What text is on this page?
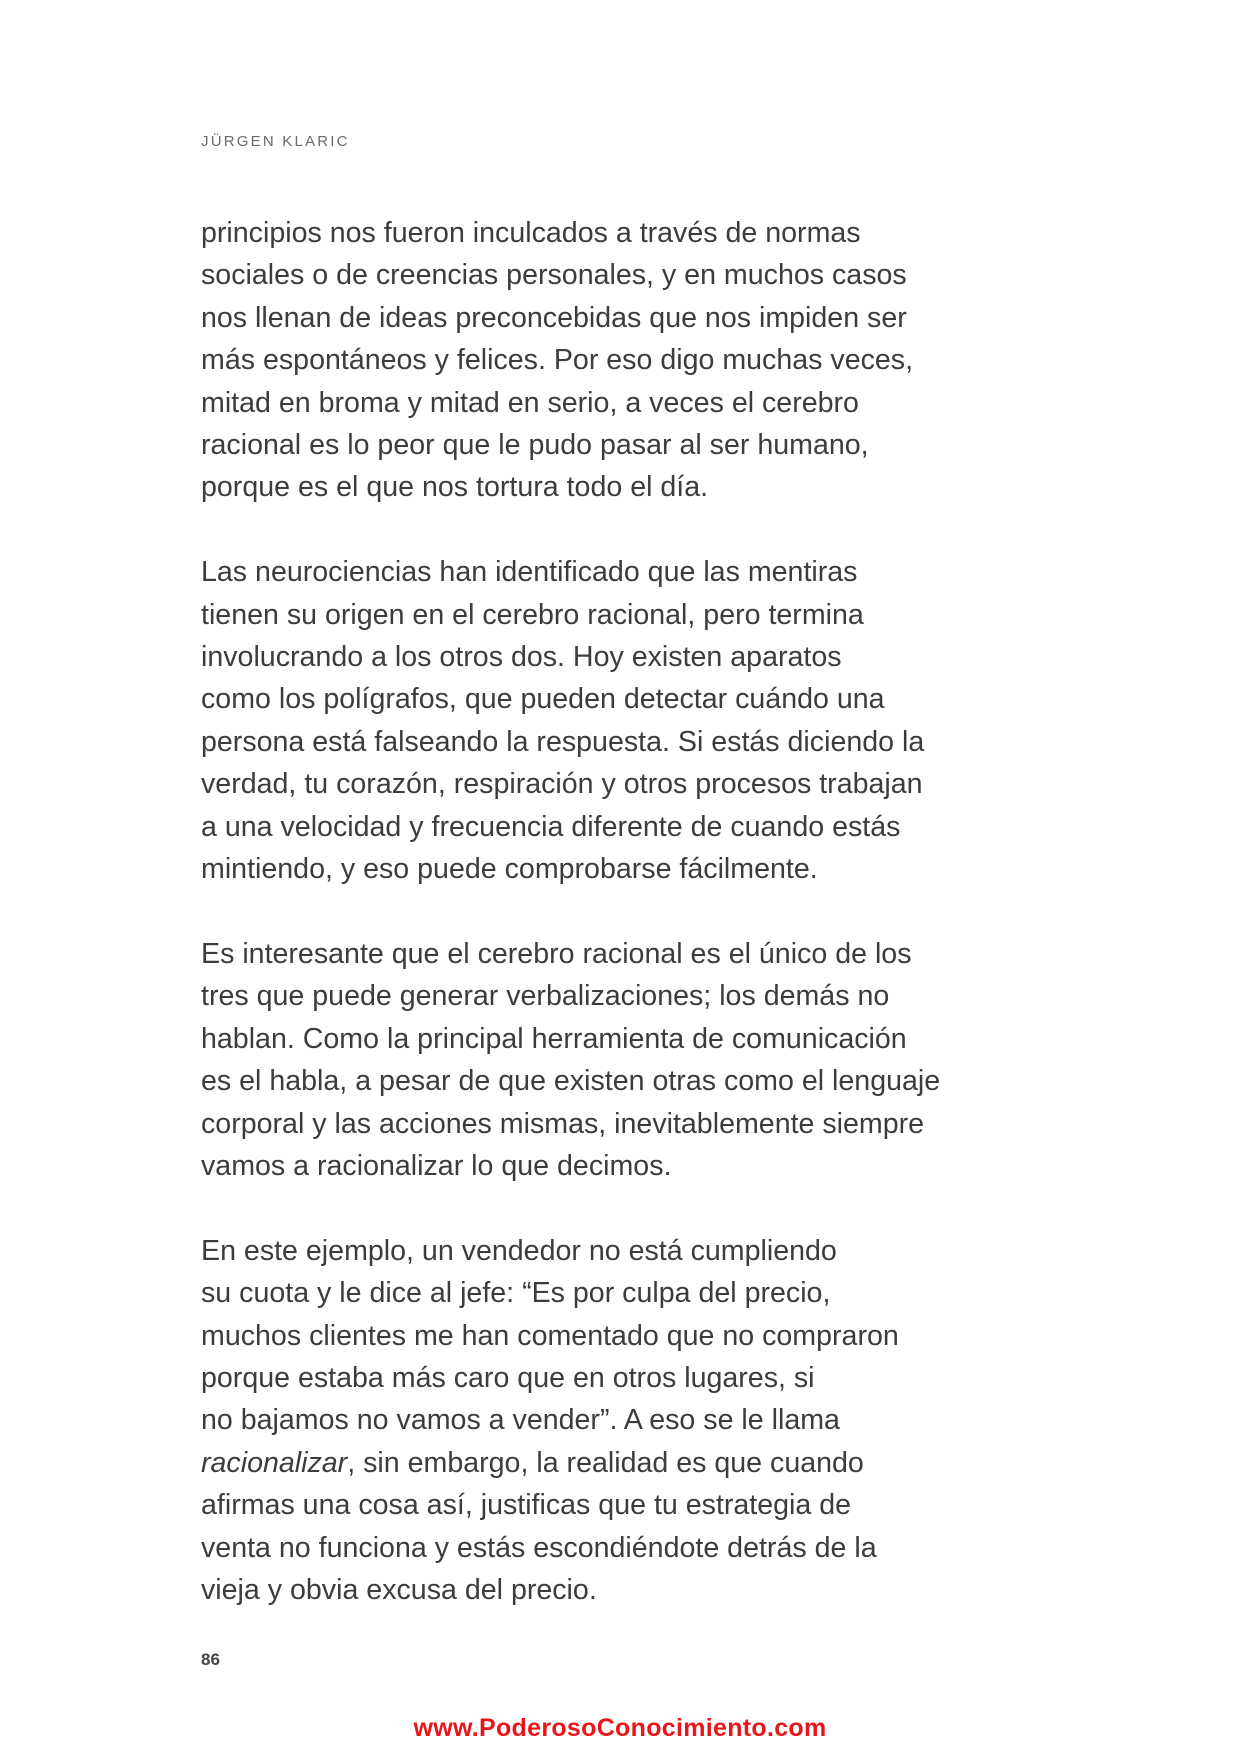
JÜRGEN KLARIC

principios nos fueron inculcados a través de normas
sociales o de creencias personales, y en muchos casos
nos llenan de ideas preconcebidas que nos impiden ser
más espontáneos y felices. Por eso digo muchas veces,
mitad en broma y mitad en serio, a veces el cerebro
racional es lo peor que le pudo pasar al ser humano,
porque es el que nos tortura todo el día.

Las neurociencias han identificado que las mentiras
tienen su origen en el cerebro racional, pero termina
involucrando a los otros dos. Hoy existen aparatos
como los polígrafos, que pueden detectar cuándo una
persona está falseando la respuesta. Si estás diciendo la
verdad, tu corazón, respiración y otros procesos trabajan
a una velocidad y frecuencia diferente de cuando estás
mintiendo, y eso puede comprobarse fácilmente.

Es interesante que el cerebro racional es el único de los
tres que puede generar verbalizaciones; los demás no
hablan. Como la principal herramienta de comunicación
es el habla, a pesar de que existen otras como el lenguaje
corporal y las acciones mismas, inevitablemente siempre
vamos a racionalizar lo que decimos.

En este ejemplo, un vendedor no está cumpliendo
su cuota y le dice al jefe: “Es por culpa del precio,
muchos clientes me han comentado que no compraron
porque estaba más caro que en otros lugares, si
no bajamos no vamos a vender”. A eso se le llama
racionalizar, sin embargo, la realidad es que cuando
afirmas una cosa así, justificas que tu estrategia de
venta no funciona y estás escondiéndote detrás de la
vieja y obvia excusa del precio.

86
www.PoderosoConocimiento.com
